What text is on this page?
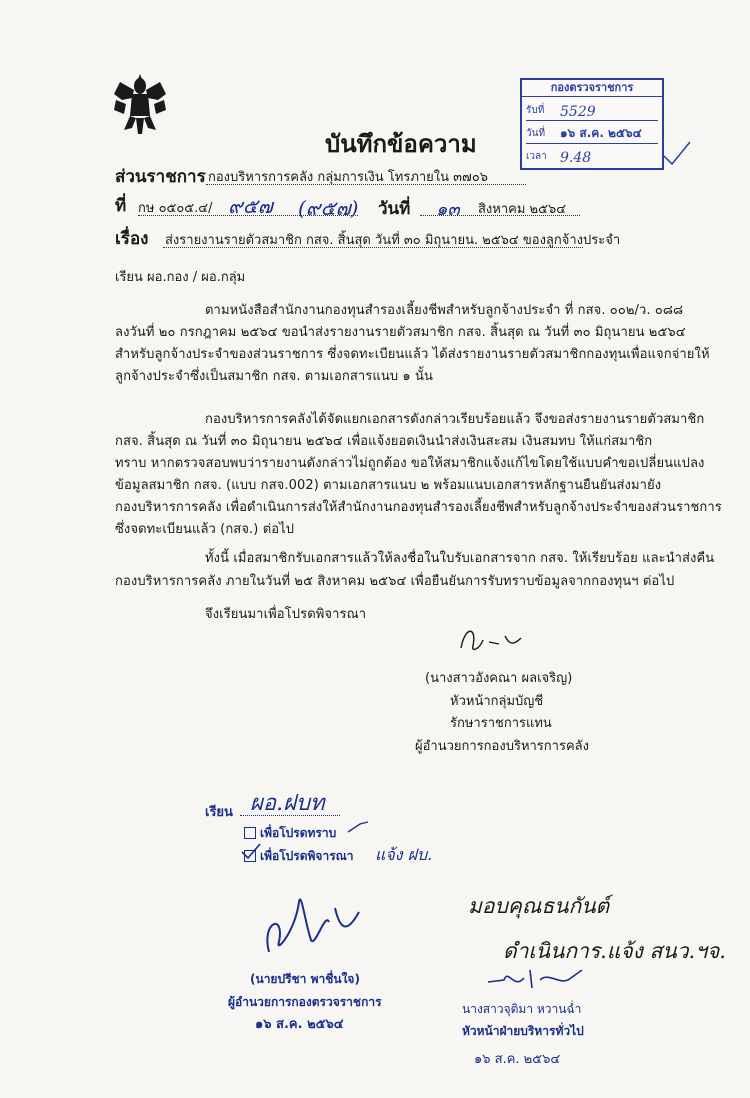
บันทึกข้อความ
กองตรวจราชการ
รับที่ 5529
วันที่ ๑๖ ส.ค. ๒๕๖๔
เวลา 9.48
ส่วนราชการ กองบริหารการคลัง กลุ่มการเงิน โทรภายใน ๓๗๐๖
ที่ กษ ๐๕๐๕.๔/ ๙๕๗ (๙๕๗) วันที่ ๑๓ สิงหาคม ๒๕๖๔
เรื่อง ส่งรายงานรายตัวสมาชิก กสจ. สิ้นสุด วันที่ ๓๐ มิถุนายน. ๒๕๖๔ ของลูกจ้างประจำ
เรียน ผอ.กอง / ผอ.กลุ่ม
ตามหนังสือสำนักงานกองทุนสำรองเลี้ยงชีพสำหรับลูกจ้างประจำ ที่ กสจ. ๐๐๒/ว. ๐๘๘
ลงวันที่ ๒๐ กรกฎาคม ๒๕๖๔ ขอนำส่งรายงานรายตัวสมาชิก กสจ. สิ้นสุด ณ วันที่ ๓๐ มิถุนายน ๒๕๖๔
สำหรับลูกจ้างประจำของส่วนราชการ ซึ่งจดทะเบียนแล้ว ได้ส่งรายงานรายตัวสมาชิกกองทุนเพื่อแจกจ่ายให้
ลูกจ้างประจำซึ่งเป็นสมาชิก กสจ. ตามเอกสารแนบ ๑ นั้น
กองบริหารการคลังได้จัดแยกเอกสารดังกล่าวเรียบร้อยแล้ว จึงขอส่งรายงานรายตัวสมาชิก
กสจ. สิ้นสุด ณ วันที่ ๓๐ มิถุนายน ๒๕๖๔ เพื่อแจ้งยอดเงินนำส่งเงินสะสม เงินสมทบ ให้แก่สมาชิก
ทราบ หากตรวจสอบพบว่ารายงานดังกล่าวไม่ถูกต้อง ขอให้สมาชิกแจ้งแก้ไขโดยใช้แบบคำขอเปลี่ยนแปลง
ข้อมูลสมาชิก กสจ. (แบบ กสจ.002) ตามเอกสารแนบ ๒ พร้อมแนบเอกสารหลักฐานยืนยันส่งมายัง
กองบริหารการคลัง เพื่อดำเนินการส่งให้สำนักงานกองทุนสำรองเลี้ยงชีพสำหรับลูกจ้างประจำของส่วนราชการ
ซึ่งจดทะเบียนแล้ว (กสจ.) ต่อไป
ทั้งนี้ เมื่อสมาชิกรับเอกสารแล้วให้ลงชื่อในใบรับเอกสารจาก กสจ. ให้เรียบร้อย และนำส่งคืน
กองบริหารการคลัง ภายในวันที่ ๒๕ สิงหาคม ๒๕๖๔ เพื่อยืนยันการรับทราบข้อมูลจากกองทุนฯ ต่อไป
จึงเรียนมาเพื่อโปรดพิจารณา
(นางสาวอังคณา ผลเจริญ)
หัวหน้ากลุ่มบัญชี
รักษาราชการแทน
ผู้อำนวยการกองบริหารการคลัง
เรียน ผอ.ฝบท
เพื่อโปรดทราบ
เพื่อโปรดพิจารณา แจ้ง ฝบ.
(นายปรีชา พาชื่นใจ)
ผู้อำนวยการกองตรวจราชการ
๑๖ ส.ค. ๒๕๖๔
มอบคุณธนกันต์
ดำเนินการ.แจ้ง สนว.ฯจ.
นางสาวจุติมา หวานฉ่ำ
หัวหน้าฝ่ายบริหารทั่วไป
๑๖ ส.ค. ๒๕๖๔
